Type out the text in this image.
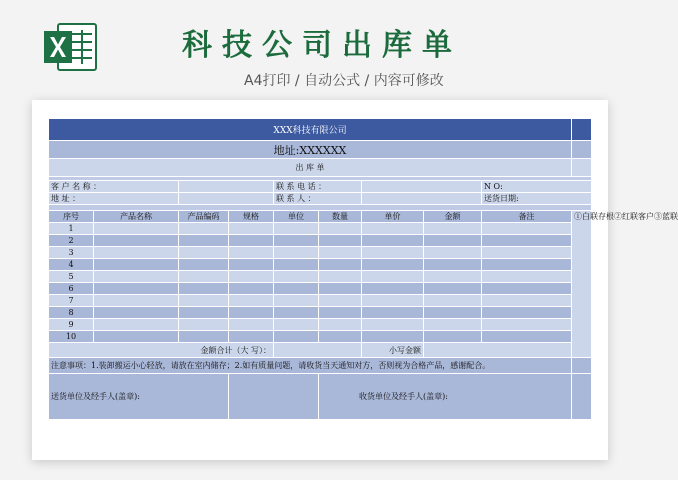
科技公司出库单
A4打印 / 自动公式 / 内容可修改
XXX科技有限公司									
地址:XXXXXX									
出 库 单									

客 户 名 称 ：				联 系 电 话 ：				N O:	
地 址 ：				联 系 人 ：				送货日期:	

序号	产品名称	产品编码	规格	单位	数量	单价	金额	备注	①白联存根②红联客户③蓝联
1									
2									
3									
4									
5									
6									
7									
8									
9									
10									
金额合计（大 写）：						小写金额			
注意事项：1.装卸搬运小心轻放，请放在室内储存；2.如有质量问题，请收货当天通知对方，否则视为合格产品，感谢配合。									
送货单位及经手人(盖章):					收货单位及经手人(盖章):				
